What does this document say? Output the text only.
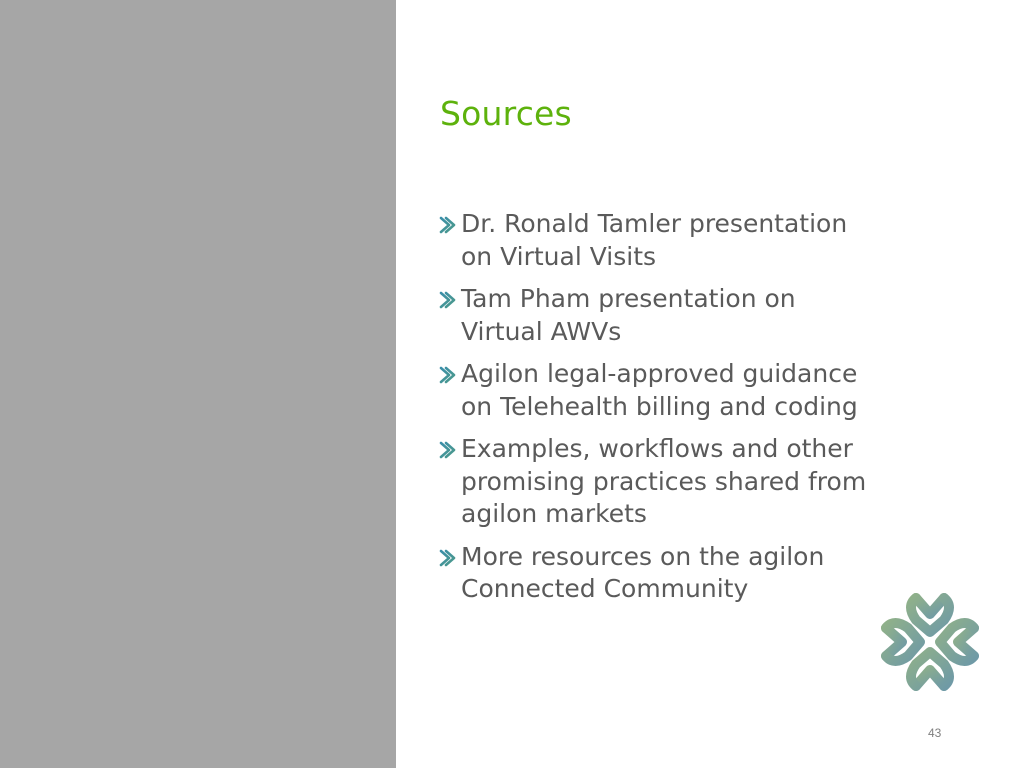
Sources
Dr. Ronald Tamler presentation on Virtual Visits
Tam Pham presentation on Virtual AWVs
Agilon legal-approved guidance on Telehealth billing and coding
Examples, workflows and other promising practices shared from agilon markets
More resources on the agilon Connected Community
43
